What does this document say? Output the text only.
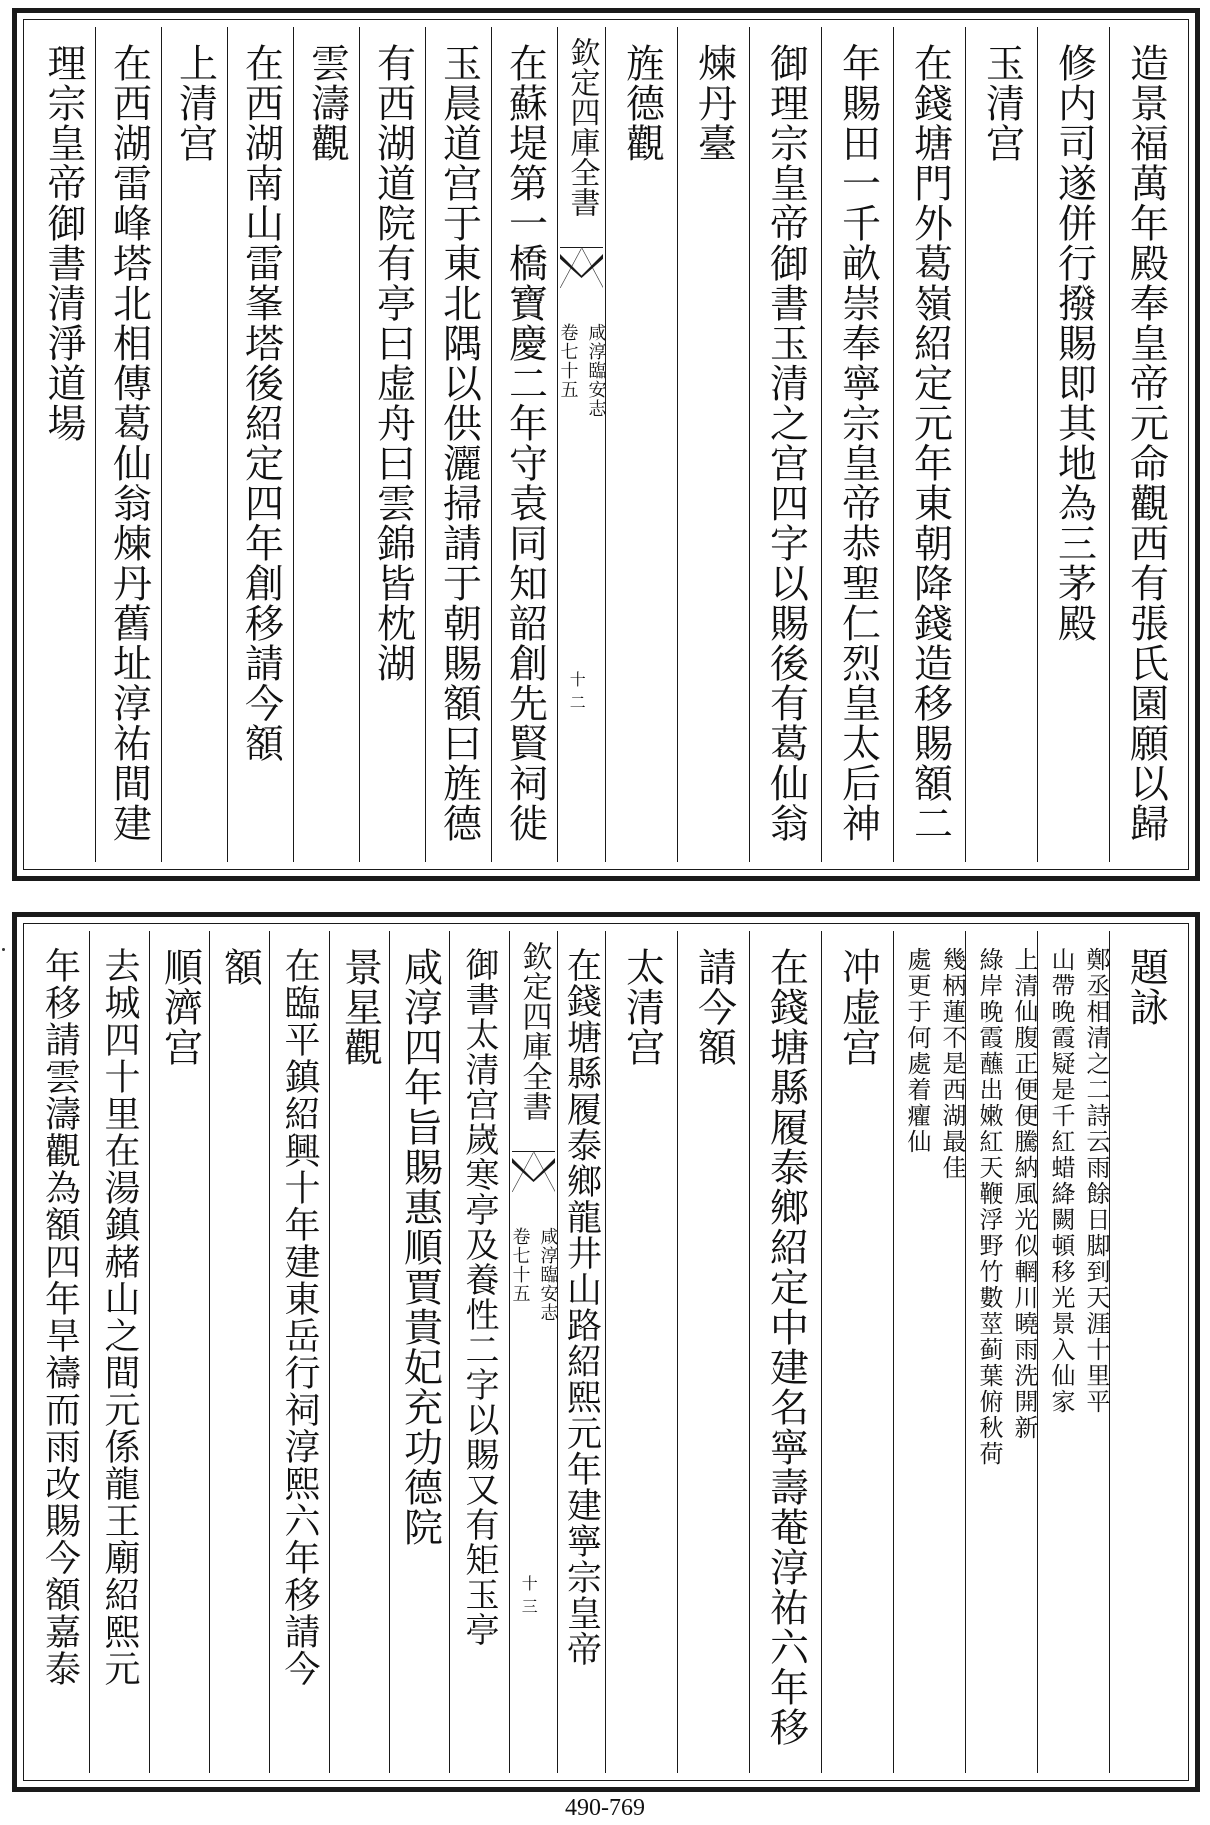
造景福萬年殿奉皇帝元命觀西有張氏園願以歸
修内司遂併行撥賜即其地為三茅殿
玉清宫
在錢塘門外葛嶺紹定元年東朝降錢造移賜額二
年賜田一千畝崇奉寧宗皇帝恭聖仁烈皇太后神
御理宗皇帝御書玉清之宫四字以賜後有葛仙翁
煉丹臺
旌德觀
欽定四庫全書
咸淳臨安志
卷七十五
十二
在蘇堤第一橋寶慶二年守袁同知韶創先賢祠徙
玉晨道宫于東北隅以供灑掃請于朝賜額曰旌德
有西湖道院有亭曰虚舟曰雲錦皆枕湖
雲濤觀
在西湖南山雷峯塔後紹定四年創移請今額
上清宫
在西湖雷峰塔北相傳葛仙翁煉丹舊址淳祐間建
理宗皇帝御書清淨道場
題詠
鄭丞相清之二詩云雨餘日脚到天涯十里平
山帶晚霞疑是千紅蜡絳闕頓移光景入仙家
上清仙腹正便便騰納風光似輞川曉雨洗開新
綠岸晚霞蘸出嫩紅天鞭浮野竹數莖蓟葉俯秋荷
幾柄蓮不是西湖最佳
處更于何處着癯仙
冲虚宫
在錢塘縣履泰鄉紹定中建名寧壽菴淳祐六年移
請今額
太清宫
在錢塘縣履泰鄉龍井山路紹熙元年建寧宗皇帝
欽定四庫全書
咸淳臨安志
卷七十五
十三
御書太清宫嵗寒亭及養性二字以賜又有矩玉亭
咸淳四年旨賜惠順賈貴妃充功德院
景星觀
在臨平鎮紹興十年建東岳行祠淳熙六年移請今
額
順濟宫
去城四十里在湯鎮赭山之間元係龍王廟紹熙元
年移請雲濤觀為額四年旱禱而雨改賜今額嘉泰
490-769
